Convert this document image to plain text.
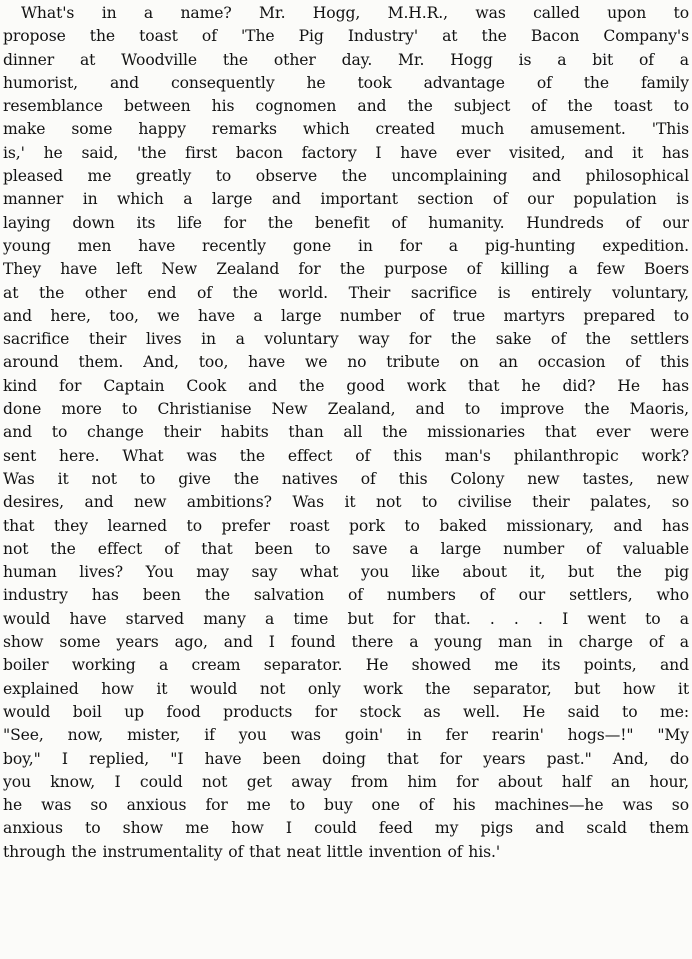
What's in a name? Mr. Hogg, M.H.R., was called upon to
propose the toast of 'The Pig Industry' at the Bacon Company's
dinner at Woodville the other day. Mr. Hogg is a bit of a
humorist, and consequently he took advantage of the family
resemblance between his cognomen and the subject of the toast to
make some happy remarks which created much amusement. 'This
is,' he said, 'the first bacon factory I have ever visited, and it has
pleased me greatly to observe the uncomplaining and philosophical
manner in which a large and important section of our population is
laying down its life for the benefit of humanity. Hundreds of our
young men have recently gone in for a pig-hunting expedition.
They have left New Zealand for the purpose of killing a few Boers
at the other end of the world. Their sacrifice is entirely voluntary,
and here, too, we have a large number of true martyrs prepared to
sacrifice their lives in a voluntary way for the sake of the settlers
around them. And, too, have we no tribute on an occasion of this
kind for Captain Cook and the good work that he did? He has
done more to Christianise New Zealand, and to improve the Maoris,
and to change their habits than all the missionaries that ever were
sent here. What was the effect of this man's philanthropic work?
Was it not to give the natives of this Colony new tastes, new
desires, and new ambitions? Was it not to civilise their palates, so
that they learned to prefer roast pork to baked missionary, and has
not the effect of that been to save a large number of valuable
human lives? You may say what you like about it, but the pig
industry has been the salvation of numbers of our settlers, who
would have starved many a time but for that. . . . I went to a
show some years ago, and I found there a young man in charge of a
boiler working a cream separator. He showed me its points, and
explained how it would not only work the separator, but how it
would boil up food products for stock as well. He said to me:
"See, now, mister, if you was goin' in fer rearin' hogs—!" "My
boy," I replied, "I have been doing that for years past." And, do
you know, I could not get away from him for about half an hour,
he was so anxious for me to buy one of his machines—he was so
anxious to show me how I could feed my pigs and scald them
through the instrumentality of that neat little invention of his.'
